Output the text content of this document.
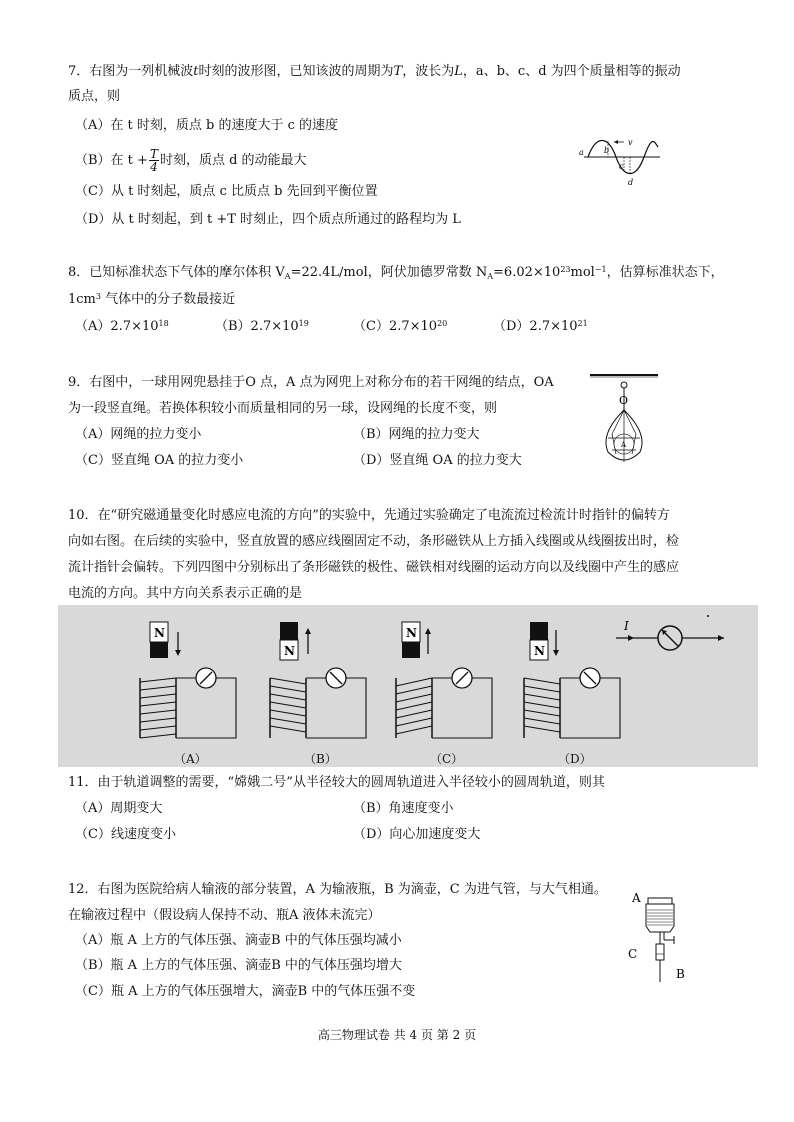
7．右图为一列机械波t时刻的波形图，已知该波的周期为T，波长为L，a、b、c、d 为四个质量相等的振动
质点，则
（A）在 t 时刻，质点 b 的速度大于 c 的速度
（B）在 $t + \frac{T}{4}$ 时刻，质点 d 的动能最大
（C）从 t 时刻起，质点 c 比质点 b 先回到平衡位置
（D）从 t 时刻起，到 t +T 时刻止，四个质点所通过的路程均为 L
a	b
c
d
v
8．已知标准状态下气体的摩尔体积 $V_A=22.4L$/mol，阿伏加德罗常数 $N_A=6.02\times 10^{23}mol^{-1}$，估算标准状态下，
$1cm^3$ 气体中的分子数最接近
$(A)2.7\times 10^{18}$	$(B)2.7\times 10^{19}$	$(C)2.7\times 10^{20}$	$(D)2.7\times 10^{21}$
9．右图中，一球用网兜悬挂于O 点，A 点为网兜上对称分布的若干网绳的结点，OA
为一段竖直绳。若换体积较小而质量相同的另一球，设网绳的长度不变，则
（A）网绳的拉力变小	（B）网绳的拉力变大
（C）竖直绳 OA 的拉力变小	（D）竖直绳 OA 的拉力变大
O
A
10．在“研究磁通量变化时感应电流的方向”的实验中，先通过实验确定了电流流过检流计时指针的偏转方
向如右图。在后续的实验中，竖直放置的感应线圈固定不动，条形磁铁从上方插入线圈或从线圈拔出时，检
流计指针会偏转。下列四图中分别标出了条形磁铁的极性、磁铁相对线圈的运动方向以及线圈中产生的感应
电流的方向。其中方向关系表示正确的是
I
N
（A）
N
（B）
N
（C）
N
（D）
11．由于轨道调整的需要，“嫦娥二号”从半径较大的圆周轨道进入半径较小的圆周轨道，则其
（A）周期变大	（B）角速度变小
（C）线速度变小	（D）向心加速度变大
12．右图为医院给病人输液的部分装置，A 为输液瓶，B 为滴壶，C 为进气管，与大气相通。
在输液过程中（假设病人保持不动、瓶A 液体未流完）
（A）瓶 A 上方的气体压强、滴壶B 中的气体压强均减小
（B）瓶 A 上方的气体压强、滴壶B 中的气体压强均增大
（C）瓶 A 上方的气体压强增大，滴壶B 中的气体压强不变
A
C
B
高三物理试卷 共 4 页 第 2 页
